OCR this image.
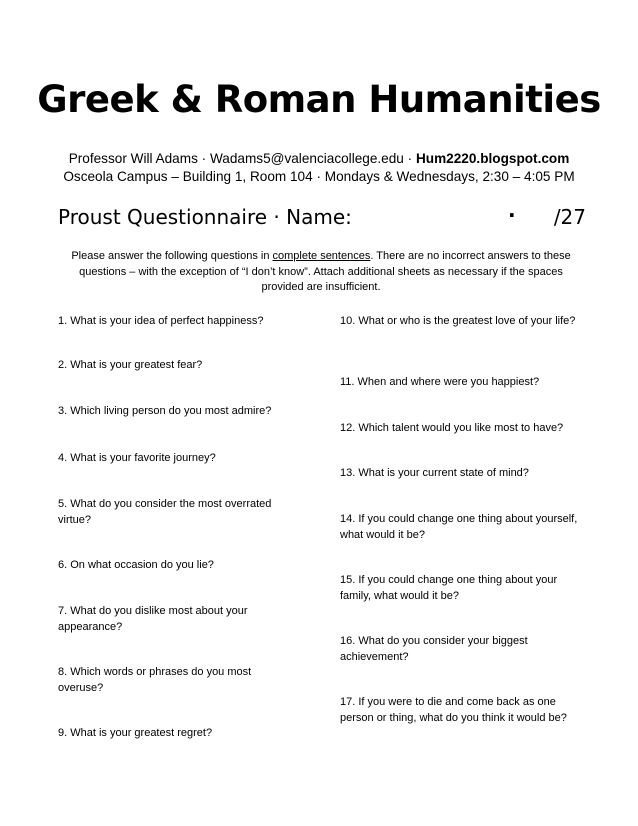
Greek & Roman Humanities
Professor Will Adams · Wadams5@valenciacollege.edu · Hum2220.blogspot.com
Osceola Campus – Building 1, Room 104 · Mondays & Wednesdays, 2:30 – 4:05 PM
Proust Questionnaire · Name:	· /27
Please answer the following questions in complete sentences. There are no incorrect answers to these questions – with the exception of “I don’t know”. Attach additional sheets as necessary if the spaces provided are insufficient.
1. What is your idea of perfect happiness?
2. What is your greatest fear?
3. Which living person do you most admire?
4. What is your favorite journey?
5. What do you consider the most overrated virtue?
6. On what occasion do you lie?
7. What do you dislike most about your appearance?
8. Which words or phrases do you most overuse?
9. What is your greatest regret?
10. What or who is the greatest love of your life?
11. When and where were you happiest?
12. Which talent would you like most to have?
13. What is your current state of mind?
14. If you could change one thing about yourself, what would it be?
15. If you could change one thing about your family, what would it be?
16. What do you consider your biggest achievement?
17. If you were to die and come back as one person or thing, what do you think it would be?
